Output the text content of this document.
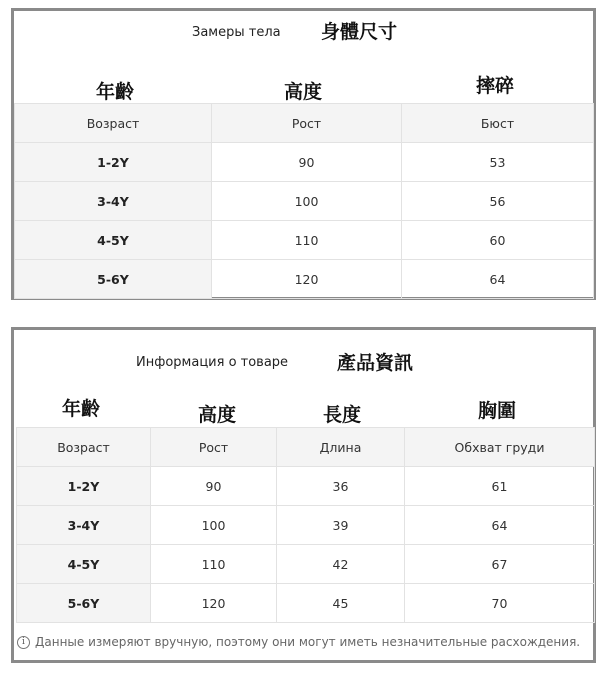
Замеры тела 身體尺寸
年齡	高度	摔碎
Возраст	Рост	Бюст
1-2Y	90	53
3-4Y	100	56
4-5Y	110	60
5-6Y	120	64
Информация о товаре	產品資訊
年齡	高度	長度	胸圍
Возраст	Рост	Длина	Обхват груди
1-2Y	90	36	61
3-4Y	100	39	64
4-5Y	110	42	67
5-6Y	120	45	70
i Данные измеряют вручную, поэтому они могут иметь незначительные расхождения.
